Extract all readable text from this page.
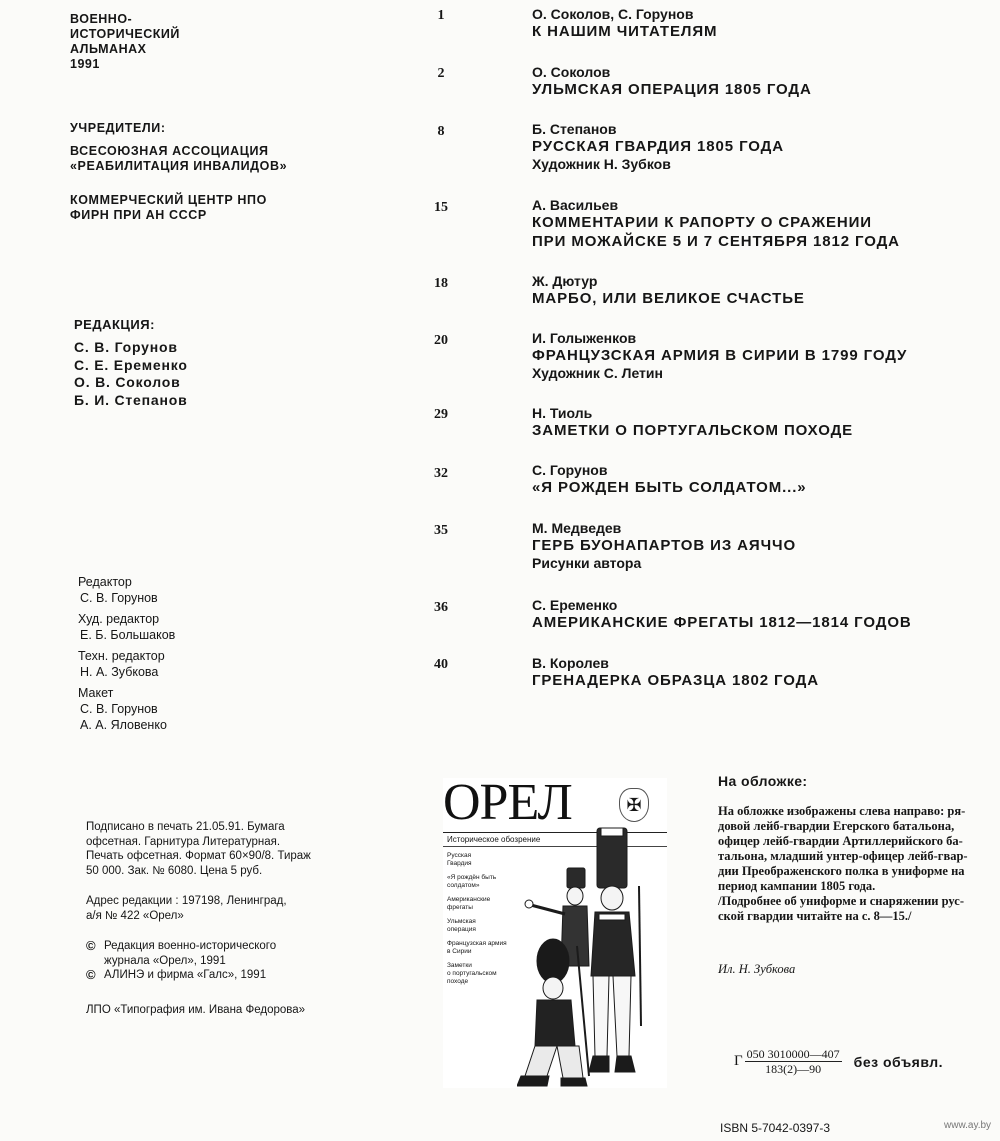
ВОЕННО-
ИСТОРИЧЕСКИЙ
АЛЬМАНАХ
1991
УЧРЕДИТЕЛИ:
ВСЕСОЮЗНАЯ АССОЦИАЦИЯ
«РЕАБИЛИТАЦИЯ ИНВАЛИДОВ»
КОММЕРЧЕСКИЙ ЦЕНТР НПО
ФИРН ПРИ АН СССР
РЕДАКЦИЯ:
С. В. Горунов
С. Е. Еременко
О. В. Соколов
Б. И. Степанов
Редактор
С. В. Горунов
Худ. редактор
Е. Б. Большаков
Техн. редактор
Н. А. Зубкова
Макет
С. В. Горунов
А. А. Яловенко
Подписано в печать 21.05.91. Бумага
офсетная. Гарнитура Литературная.
Печать офсетная. Формат 60×90/8. Тираж
50 000. Зак. № 6080. Цена 5 руб.
Адрес редакции : 197198, Ленинград,
а/я № 422 «Орел»
© Редакция военно-исторического
журнала «Орел», 1991
© АЛИНЭ и фирма «Галс», 1991
ЛПО «Типография им. Ивана Федорова»
1	О. Соколов, С. Горунов
К НАШИМ ЧИТАТЕЛЯМ
2	О. Соколов
УЛЬМСКАЯ ОПЕРАЦИЯ 1805 ГОДА
8	Б. Степанов
РУССКАЯ ГВАРДИЯ 1805 ГОДА
Художник Н. Зубков
15	А. Васильев
КОММЕНТАРИИ К РАПОРТУ О СРАЖЕНИИ
ПРИ МОЖАЙСКЕ 5 И 7 СЕНТЯБРЯ 1812 ГОДА
18	Ж. Дютур
МАРБО, ИЛИ ВЕЛИКОЕ СЧАСТЬЕ
20	И. Голыженков
ФРАНЦУЗСКАЯ АРМИЯ В СИРИИ В 1799 ГОДУ
Художник С. Летин
29	Н. Тиоль
ЗАМЕТКИ О ПОРТУГАЛЬСКОМ ПОХОДЕ
32	С. Горунов
«Я РОЖДЕН БЫТЬ СОЛДАТОМ...»
35	М. Медведев
ГЕРБ БУОНАПАРТОВ ИЗ АЯЧЧО
Рисунки автора
36	С. Еременко
АМЕРИКАНСКИЕ ФРЕГАТЫ 1812—1814 ГОДОВ
40	В. Королев
ГРЕНАДЕРКА ОБРАЗЦА 1802 ГОДА
ОРЕЛ	✠
Историческое обозрение
Русская
Гвардия
«Я рождён быть
солдатом»
Американские
фрегаты
Ульмская
операция
Французская армия
в Сирии
Заметки
о португальском
походе
На обложке:
На обложке изображены слева направо: ря-
довой лейб-гвардии Егерского батальона,
офицер лейб-гвардии Артиллерийского ба-
тальона, младший унтер-офицер лейб-гвар-
дии Преображенского полка в униформе на
период кампании 1805 года.
/Подробнее об униформе и снаряжении рус-
ской гвардии читайте на с. 8—15./
Ил. Н. Зубкова
Г $\frac{050 3010000—407}{183(2)—90}$ без объявл.
ISBN 5-7042-0397-3	www.ay.by
